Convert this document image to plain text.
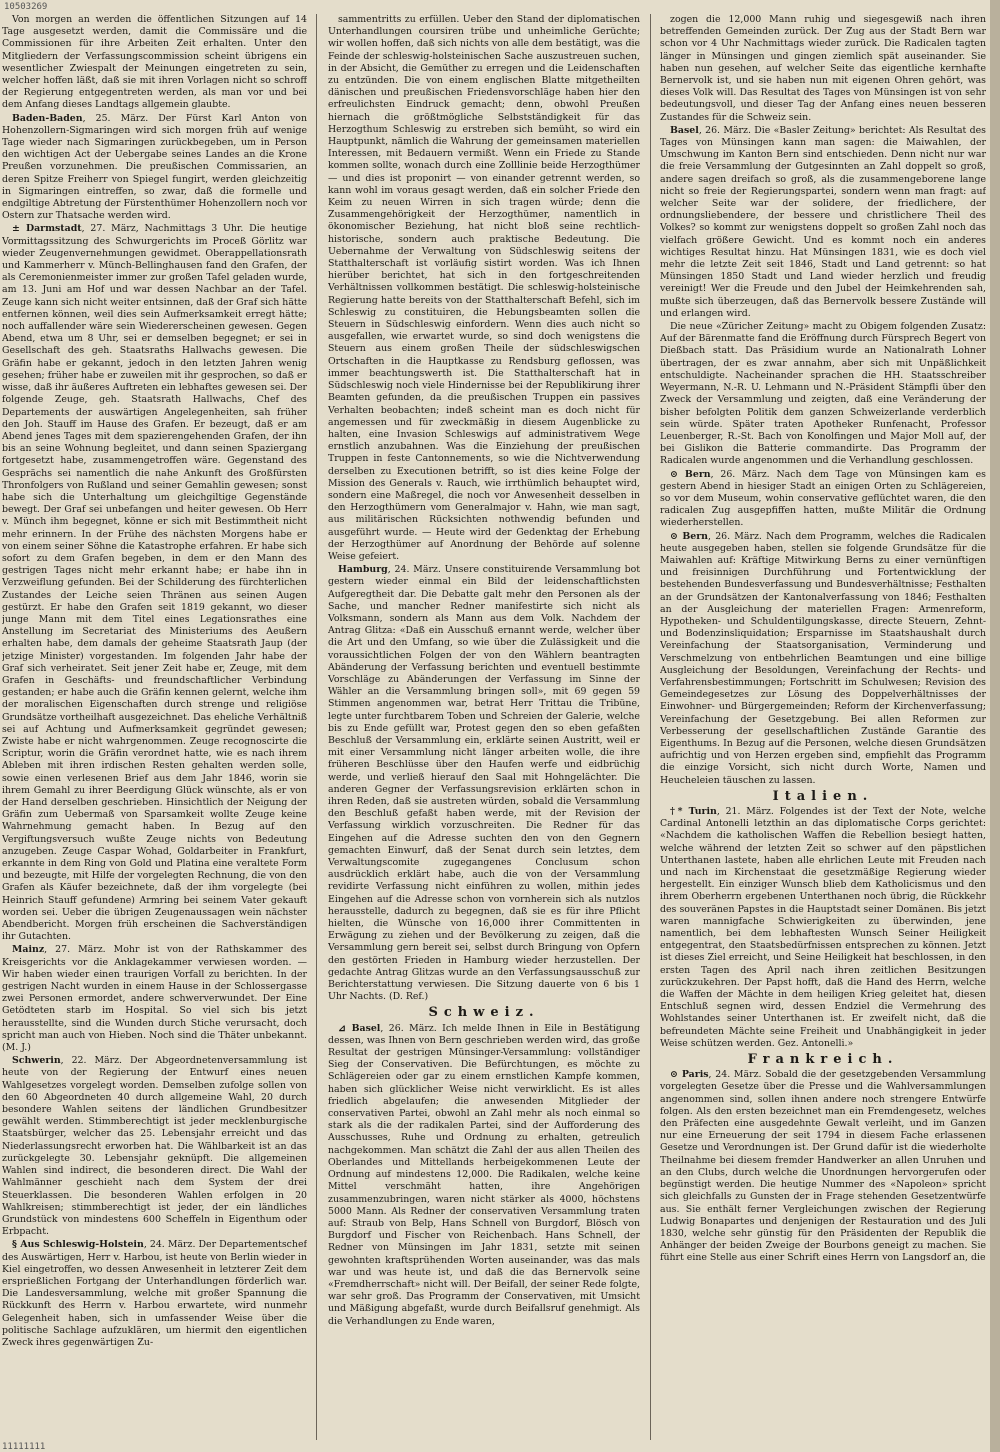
10503269

Von morgen an werden die öffentlichen Sitzungen auf 14 Tage ausgesetzt werden, damit die Commissäre und die Commissionen für ihre Arbeiten Zeit erhalten. Unter den Mitgliedern der Verfassungscommission scheint übrigens ein wesentlicher Zwiespalt der Meinungen eingetreten zu sein, welcher hoffen läßt, daß sie mit ihren Vorlagen nicht so schroff der Regierung entgegentreten werden, als man vor und bei dem Anfang dieses Landtags allgemein glaubte.

Baden-Baden, 25. März. Der Fürst Karl Anton von Hohenzollern-Sigmaringen wird sich morgen früh auf wenige Tage wieder nach Sigmaringen zurückbegeben, um in Person den wichtigen Act der Uebergabe seines Landes an die Krone Preußen vorzunehmen. Die preußischen Commissarien, an deren Spitze Freiherr von Spiegel fungirt, werden gleichzeitig in Sigmaringen eintreffen, so zwar, daß die formelle und endgiltige Abtretung der Fürstenthümer Hohenzollern noch vor Ostern zur Thatsache werden wird.

± Darmstadt, 27. März, Nachmittags 3 Uhr. Die heutige Vormittagssitzung des Schwurgerichts im Proceß Görlitz war wieder Zeugenvernehmungen gewidmet. Oberappellationsrath und Kammerherr v. Münch-Bellinghausen fand den Grafen, der als Ceremonienmeister immer zur großen Tafel geladen wurde, am 13. Juni am Hof und war dessen Nachbar an der Tafel. Zeuge kann sich nicht weiter entsinnen, daß der Graf sich hätte entfernen können, weil dies sein Aufmerksamkeit erregt hätte; noch auffallender wäre sein Wiedererscheinen gewesen. Gegen Abend, etwa um 8 Uhr, sei er demselben begegnet; er sei in Gesellschaft des geh. Staatsraths Hallwachs gewesen. Die Gräfin habe er gekannt, jedoch in den letzten Jahren wenig gesehen; früher habe er zuweilen mit ihr gesprochen, so daß er wisse, daß ihr äußeres Auftreten ein lebhaftes gewesen sei. Der folgende Zeuge, geh. Staatsrath Hallwachs, Chef des Departements der auswärtigen Angelegenheiten, sah früher den Joh. Stauff im Hause des Grafen. Er bezeugt, daß er am Abend jenes Tages mit dem spazierengehenden Grafen, der ihn bis an seine Wohnung begleitet, und dann seinen Spaziergang fortgesetzt habe, zusammengetroffen wäre. Gegenstand des Gesprächs sei namentlich die nahe Ankunft des Großfürsten Thronfolgers von Rußland und seiner Gemahlin gewesen; sonst habe sich die Unterhaltung um gleichgiltige Gegenstände bewegt. Der Graf sei unbefangen und heiter gewesen. Ob Herr v. Münch ihm begegnet, könne er sich mit Bestimmtheit nicht mehr erinnern. In der Frühe des nächsten Morgens habe er von einem seiner Söhne die Katastrophe erfahren. Er habe sich sofort zu dem Grafen begeben, in dem er den Mann des gestrigen Tages nicht mehr erkannt habe; er habe ihn in Verzweiflung gefunden. Bei der Schilderung des fürchterlichen Zustandes der Leiche seien Thränen aus seinen Augen gestürzt. Er habe den Grafen seit 1819 gekannt, wo dieser junge Mann mit dem Titel eines Legationsrathes eine Anstellung im Secretariat des Ministeriums des Aeußern erhalten habe, dem damals der geheime Staatsrath Jaup (der jetzige Minister) vorgestanden. Im folgenden Jahr habe der Graf sich verheiratet. Seit jener Zeit habe er, Zeuge, mit dem Grafen in Geschäfts- und freundschaftlicher Verbindung gestanden; er habe auch die Gräfin kennen gelernt, welche ihm der moralischen Eigenschaften durch strenge und religiöse Grundsätze vortheilhaft ausgezeichnet. Das eheliche Verhältniß sei auf Achtung und Aufmerksamkeit gegründet gewesen; Zwiste habe er nicht wahrgenommen. Zeuge recognoscirte die Scriptur, worin die Gräfin verordnet hatte, wie es nach ihrem Ableben mit ihren irdischen Resten gehalten werden solle, sowie einen verlesenen Brief aus dem Jahr 1846, worin sie ihrem Gemahl zu ihrer Beerdigung Glück wünschte, als er von der Hand derselben geschrieben. Hinsichtlich der Neigung der Gräfin zum Uebermaß von Sparsamkeit wollte Zeuge keine Wahrnehmung gemacht haben. In Bezug auf den Vergiftungsversuch wußte Zeuge nichts von Bedeutung anzugeben. Zeuge Caspar Wohad, Goldarbeiter in Frankfurt, erkannte in dem Ring von Gold und Platina eine veraltete Form und bezeugte, mit Hilfe der vorgelegten Rechnung, die von den Grafen als Käufer bezeichnete, daß der ihm vorgelegte (bei Heinrich Stauff gefundene) Armring bei seinem Vater gekauft worden sei. Ueber die übrigen Zeugenaussagen wein nächster Abendbericht. Morgen früh erscheinen die Sachverständigen ihr Gutachten.

Mainz, 27. März. Mohr ist von der Rathskammer des Kreisgerichts vor die Anklagekammer verwiesen worden. — Wir haben wieder einen traurigen Vorfall zu berichten. In der gestrigen Nacht wurden in einem Hause in der Schlossergasse zwei Personen ermordet, andere schwerverwundet. Der Eine Getödteten starb im Hospital. So viel sich bis jetzt herausstellte, sind die Wunden durch Stiche verursacht, doch spricht man auch von Hieben. Noch sind die Thäter unbekannt. (M. J.)

Schwerin, 22. März. Der Abgeordnetenversammlung ist heute von der Regierung der Entwurf eines neuen Wahlgesetzes vorgelegt worden. Demselben zufolge sollen von den 60 Abgeordneten 40 durch allgemeine Wahl, 20 durch besondere Wahlen seitens der ländlichen Grundbesitzer gewählt werden. Stimmberechtigt ist jeder mecklenburgische Staatsbürger, welcher das 25. Lebensjahr erreicht und das Niederlassungsrecht erworben hat. Die Wählbarkeit ist an das zurückgelegte 30. Lebensjahr geknüpft. Die allgemeinen Wahlen sind indirect, die besonderen direct. Die Wahl der Wahlmänner geschieht nach dem System der drei Steuerklassen. Die besonderen Wahlen erfolgen in 20 Wahlkreisen; stimmberechtigt ist jeder, der ein ländliches Grundstück von mindestens 600 Scheffeln in Eigenthum oder Erbpacht.

§ Aus Schleswig-Holstein, 24. März. Der Departementschef des Auswärtigen, Herr v. Harbou, ist heute von Berlin wieder in Kiel eingetroffen, wo dessen Anwesenheit in letzterer Zeit dem ersprießlichen Fortgang der Unterhandlungen förderlich war. Die Landesversammlung, welche mit großer Spannung die Rückkunft des Herrn v. Harbou erwartete, wird nunmehr Gelegenheit haben, sich in umfassender Weise über die politische Sachlage aufzuklären, um hiermit den eigentlichen Zweck ihres gegenwärtigen Zu-

sammentritts zu erfüllen. Ueber den Stand der diplomatischen Unterhandlungen coursiren trübe und unheimliche Gerüchte; wir wollen hoffen, daß sich nichts von alle dem bestätigt, was die Feinde der schleswig-holsteinischen Sache auszustreuen suchen, in der Absicht, die Gemüther zu erregen und die Leidenschaften zu entzünden. Die von einem englischen Blatte mitgetheilten dänischen und preußischen Friedensvorschläge haben hier den erfreulichsten Eindruck gemacht; denn, obwohl Preußen hiernach die größtmögliche Selbstständigkeit für das Herzogthum Schleswig zu erstreben sich bemüht, so wird ein Hauptpunkt, nämlich die Wahrung der gemeinsamen materiellen Interessen, mit Bedauern vermißt. Wenn ein Friede zu Stande kommen sollte, wonach durch eine Zolllinie beide Herzogthümer — und dies ist proponirt — von einander getrennt werden, so kann wohl im voraus gesagt werden, daß ein solcher Friede den Keim zu neuen Wirren in sich tragen würde; denn die Zusammengehörigkeit der Herzogthümer, namentlich in ökonomischer Beziehung, hat nicht bloß seine rechtlich-historische, sondern auch praktische Bedeutung. Die Uebernahme der Verwaltung von Südschleswig seitens der Statthalterschaft ist vorläufig sistirt worden. Was ich Ihnen hierüber berichtet, hat sich in den fortgeschreitenden Verhältnissen vollkommen bestätigt. Die schleswig-holsteinische Regierung hatte bereits von der Statthalterschaft Befehl, sich im Schleswig zu constituiren, die Hebungsbeamten sollen die Steuern in Südschleswig einfordern. Wenn dies auch nicht so ausgefallen, wie erwartet wurde, so sind doch wenigstens die Steuern aus einem großen Theile der südschleswigschen Ortschaften in die Hauptkasse zu Rendsburg geflossen, was immer beachtungswerth ist. Die Statthalterschaft hat in Südschleswig noch viele Hindernisse bei der Republikirung ihrer Beamten gefunden, da die preußischen Truppen ein passives Verhalten beobachten; indeß scheint man es doch nicht für angemessen und für zweckmäßig in diesem Augenblicke zu halten, eine Invasion Schleswigs auf administrativem Wege ernstlich anzubahnen. Was die Einziehung der preußischen Truppen in feste Cantonnements, so wie die Nichtverwendung derselben zu Executionen betrifft, so ist dies keine Folge der Mission des Generals v. Rauch, wie irrthümlich behauptet wird, sondern eine Maßregel, die noch vor Anwesenheit desselben in den Herzogthümern vom Generalmajor v. Hahn, wie man sagt, aus militärischen Rücksichten nothwendig befunden und ausgeführt wurde. — Heute wird der Gedenktag der Erhebung der Herzogthümer auf Anordnung der Behörde auf solenne Weise gefeiert.

Hamburg, 24. März. Unsere constituirende Versammlung bot gestern wieder einmal ein Bild der leidenschaftlichsten Aufgeregtheit dar. Die Debatte galt mehr den Personen als der Sache, und mancher Redner manifestirte sich nicht als Volksmann, sondern als Mann aus dem Volk. Nachdem der Antrag Glitza: «Daß ein Ausschuß ernannt werde, welcher über die Art und den Umfang, so wie über die Zulässigkeit und die voraussichtlichen Folgen der von den Wählern beantragten Abänderung der Verfassung berichten und eventuell bestimmte Vorschläge zu Abänderungen der Verfassung im Sinne der Wähler an die Versammlung bringen soll», mit 69 gegen 59 Stimmen angenommen war, betrat Herr Trittau die Tribüne, legte unter furchtbarem Toben und Schreien der Galerie, welche bis zu Ende gefüllt war, Protest gegen den so eben gefaßten Beschluß der Versammlung ein, erklärte seinen Austritt, weil er mit einer Versammlung nicht länger arbeiten wolle, die ihre früheren Beschlüsse über den Haufen werfe und eidbrüchig werde, und verließ hierauf den Saal mit Hohngelächter. Die anderen Gegner der Verfassungsrevision erklärten schon in ihren Reden, daß sie austreten würden, sobald die Versammlung den Beschluß gefaßt haben werde, mit der Revision der Verfassung wirklich vorzuschreiten. Die Redner für das Eingehen auf die Adresse suchten den von den Gegnern gemachten Einwurf, daß der Senat durch sein letztes, dem Verwaltungscomite zugegangenes Conclusum schon ausdrücklich erklärt habe, auch die von der Versammlung revidirte Verfassung nicht einführen zu wollen, mithin jedes Eingehen auf die Adresse schon von vornherein sich als nutzlos herausstelle, dadurch zu begegnen, daß sie es für ihre Pflicht hielten, die Wünsche von 16,000 ihrer Committenten in Erwägung zu ziehen und der Bevölkerung zu zeigen, daß die Versammlung gern bereit sei, selbst durch Bringung von Opfern den gestörten Frieden in Hamburg wieder herzustellen. Der gedachte Antrag Glitzas wurde an den Verfassungsausschuß zur Berichterstattung verwiesen. Die Sitzung dauerte von 6 bis 1 Uhr Nachts. (D. Ref.)

Schweiz.

⊿ Basel, 26. März. Ich melde Ihnen in Eile in Bestätigung dessen, was Ihnen von Bern geschrieben werden wird, das große Resultat der gestrigen Münsinger-Versammlung: vollständiger Sieg der Conservativen. Die Befürchtungen, es möchte zu Schlägereien oder gar zu einem ernstlichen Kampfe kommen, haben sich glücklicher Weise nicht verwirklicht. Es ist alles friedlich abgelaufen; die anwesenden Mitglieder der conservativen Partei, obwohl an Zahl mehr als noch einmal so stark als die der radikalen Partei, sind der Aufforderung des Ausschusses, Ruhe und Ordnung zu erhalten, getreulich nachgekommen. Man schätzt die Zahl der aus allen Theilen des Oberlandes und Mittellands herbeigekommenen Leute der Ordnung auf mindestens 12,000. Die Radikalen, welche keine Mittel verschmäht hatten, ihre Angehörigen zusammenzubringen, waren nicht stärker als 4000, höchstens 5000 Mann. Als Redner der conservativen Versammlung traten auf: Straub von Belp, Hans Schnell von Burgdorf, Blösch von Burgdorf und Fischer von Reichenbach. Hans Schnell, der Redner von Münsingen im Jahr 1831, setzte mit seinen gewohnten kraftsprühenden Worten auseinander, was das mals war und was heute ist, und daß die das Bernervolk seine «Fremdherrschaft» nicht will. Der Beifall, der seiner Rede folgte, war sehr groß. Das Programm der Conservativen, mit Umsicht und Mäßigung abgefaßt, wurde durch Beifallsruf genehmigt. Als die Verhandlungen zu Ende waren,

zogen die 12,000 Mann ruhig und siegesgewiß nach ihren betreffenden Gemeinden zurück. Der Zug aus der Stadt Bern war schon vor 4 Uhr Nachmittags wieder zurück. Die Radicalen tagten länger in Münsingen und gingen ziemlich spät auseinander. Sie haben nun gesehen, auf welcher Seite das eigentliche kernhafte Bernervolk ist, und sie haben nun mit eigenen Ohren gehört, was dieses Volk will. Das Resultat des Tages von Münsingen ist von sehr bedeutungsvoll, und dieser Tag der Anfang eines neuen besseren Zustandes für die Schweiz sein.

Basel, 26. März. Die «Basler Zeitung» berichtet: Als Resultat des Tages von Münsingen kann man sagen: die Maiwahlen, der Umschwung im Kanton Bern sind entschieden. Denn nicht nur war die freie Versammlung der Gutgesinnten an Zahl doppelt so groß, andere sagen dreifach so groß, als die zusammengeborene lange nicht so freie der Regierungspartei, sondern wenn man fragt: auf welcher Seite war der solidere, der friedlichere, der ordnungsliebendere, der bessere und christlichere Theil des Volkes? so kommt zur wenigstens doppelt so großen Zahl noch das vielfach größere Gewicht. Und es kommt noch ein anderes wichtiges Resultat hinzu. Hat Münsingen 1831, wie es doch viel mehr die letzte Zeit seit 1846, Stadt und Land getrennt: so hat Münsingen 1850 Stadt und Land wieder herzlich und freudig vereinigt! Wer die Freude und den Jubel der Heimkehrenden sah, mußte sich überzeugen, daß das Bernervolk bessere Zustände will und erlangen wird.

Die neue «Züricher Zeitung» macht zu Obigem folgenden Zusatz: Auf der Bärenmatte fand die Eröffnung durch Fürsprech Begert von Dießbach statt. Das Präsidium wurde an Nationalrath Lohner übertragen, der es zwar annahm, aber sich mit Unpäßlichkeit entschuldigte. Nacheinander sprachen die HH. Staatsschreiber Weyermann, N.-R. U. Lehmann und N.-Präsident Stämpfli über den Zweck der Versammlung und zeigten, daß eine Veränderung der bisher befolgten Politik dem ganzen Schweizerlande verderblich sein würde. Später traten Apotheker Runfenacht, Professor Leuenberger, R.-St. Bach von Konolfingen und Major Moll auf, der bei Gislikon die Batterie commandirte. Das Programm der Radicalen wurde angenommen und die Verhandlung geschlossen.

⊙ Bern, 26. März. Nach dem Tage von Münsingen kam es gestern Abend in hiesiger Stadt an einigen Orten zu Schlägereien, so vor dem Museum, wohin conservative geflüchtet waren, die den radicalen Zug ausgepfiffen hatten, mußte Militär die Ordnung wiederherstellen.

⊙ Bern, 26. März. Nach dem Programm, welches die Radicalen heute ausgegeben haben, stellen sie folgende Grundsätze für die Maiwahlen auf: Kräftige Mitwirkung Berns zu einer vernünftigen und freisinnigen Durchführung und Fortentwicklung der bestehenden Bundesverfassung und Bundesverhältnisse; Festhalten an der Grundsätzen der Kantonalverfassung von 1846; Festhalten an der Ausgleichung der materiellen Fragen: Armenreform, Hypotheken- und Schuldentilgungskasse, directe Steuern, Zehnt- und Bodenzinsliquidation; Ersparnisse im Staatshaushalt durch Vereinfachung der Staatsorganisation, Verminderung und Verschmelzung von entbehrlichen Beamtungen und eine billige Ausgleichung der Besoldungen, Vereinfachung der Rechts- und Verfahrensbestimmungen; Fortschritt im Schulwesen; Revision des Gemeindegesetzes zur Lösung des Doppelverhältnisses der Einwohner- und Bürgergemeinden; Reform der Kirchenverfassung; Vereinfachung der Gesetzgebung. Bei allen Reformen zur Verbesserung der gesellschaftlichen Zustände Garantie des Eigenthums. In Bezug auf die Personen, welche diesen Grundsätzen aufrichtig und von Herzen ergeben sind, empfiehlt das Programm die einzige Vorsicht, sich nicht durch Worte, Namen und Heucheleien täuschen zu lassen.

Italien.

†* Turin, 21. März. Folgendes ist der Text der Note, welche Cardinal Antonelli letzthin an das diplomatische Corps gerichtet: «Nachdem die katholischen Waffen die Rebellion besiegt hatten, welche während der letzten Zeit so schwer auf den päpstlichen Unterthanen lastete, haben alle ehrlichen Leute mit Freuden nach und nach im Kirchenstaat die gesetzmäßige Regierung wieder hergestellt. Ein einziger Wunsch blieb dem Katholicismus und den ihrem Oberherrn ergebenen Unterthanen noch übrig, die Rückkehr des souveränen Papstes in die Hauptstadt seiner Domänen. Bis jetzt waren mannigfache Schwierigkeiten zu überwinden, jene namentlich, bei dem lebhaftesten Wunsch Seiner Heiligkeit entgegentrat, den Staatsbedürfnissen entsprechen zu können. Jetzt ist dieses Ziel erreicht, und Seine Heiligkeit hat beschlossen, in den ersten Tagen des April nach ihren zeitlichen Besitzungen zurückzukehren. Der Papst hofft, daß die Hand des Herrn, welche die Waffen der Mächte in dem heiligen Krieg geleitet hat, diesen Entschluß segnen wird, dessen Endziel die Vermehrung des Wohlstandes seiner Unterthanen ist. Er zweifelt nicht, daß die befreundeten Mächte seine Freiheit und Unabhängigkeit in jeder Weise schützen werden. Gez. Antonelli.»

Frankreich.

⊙ Paris, 24. März. Sobald die der gesetzgebenden Versammlung vorgelegten Gesetze über die Presse und die Wahlversammlungen angenommen sind, sollen ihnen andere noch strengere Entwürfe folgen. Als den ersten bezeichnet man ein Fremdengesetz, welches den Präfecten eine ausgedehnte Gewalt verleiht, und im Ganzen nur eine Erneuerung der seit 1794 in diesem Fache erlassenen Gesetze und Verordnungen ist. Der Grund dafür ist die wiederholte Theilnahme bei diesem fremder Handwerker an allen Unruhen und an den Clubs, durch welche die Unordnungen hervorgerufen oder begünstigt werden. Die heutige Nummer des «Napoleon» spricht sich gleichfalls zu Gunsten der in Frage stehenden Gesetzentwürfe aus. Sie enthält ferner Vergleichungen zwischen der Regierung Ludwig Bonapartes und denjenigen der Restauration und des Juli 1830, welche sehr günstig für den Präsidenten der Republik die Anhänger der beiden Zweige der Bourbons geneigt zu machen. Sie führt eine Stelle aus einer Schrift eines Herrn von Langsdorf an, die

11111111
